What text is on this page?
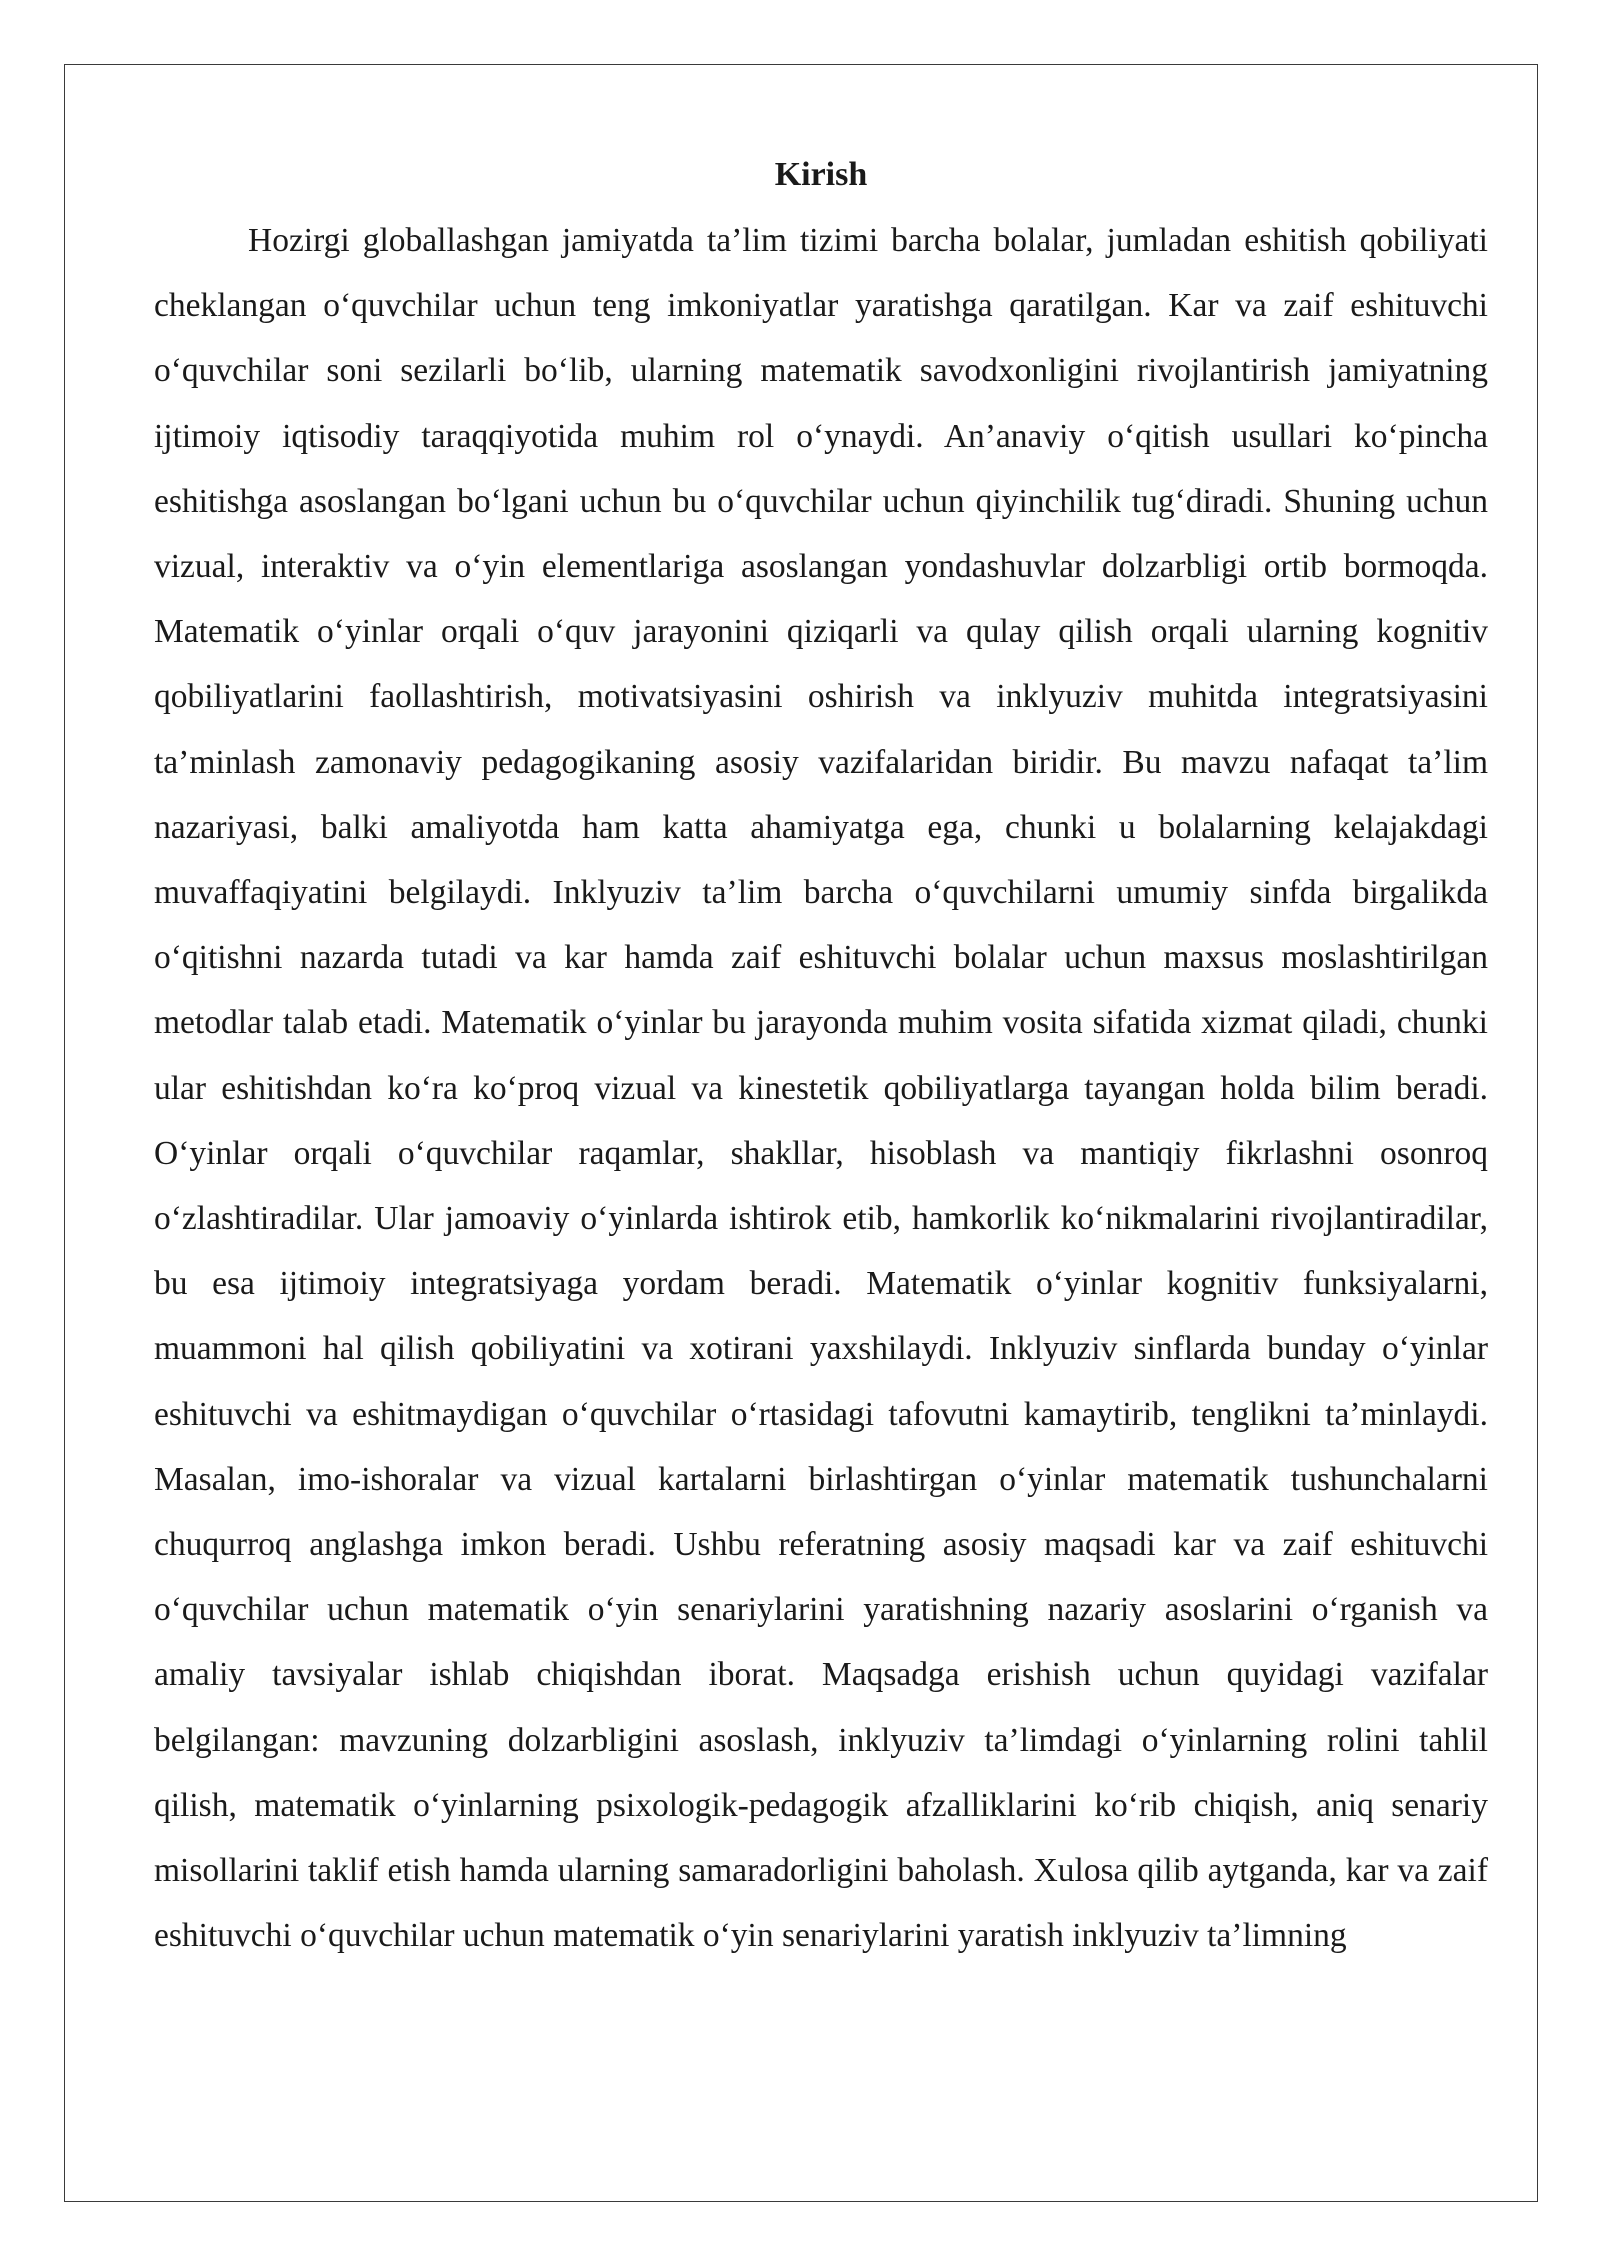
Kirish

Hozirgi globallashgan jamiyatda ta’lim tizimi barcha bolalar, jumladan eshitish qobiliyati cheklangan o‘quvchilar uchun teng imkoniyatlar yaratishga qaratilgan. Kar va zaif eshituvchi o‘quvchilar soni sezilarli bo‘lib, ularning matematik savodxonligini rivojlantirish jamiyatning ijtimoiy iqtisodiy taraqqiyotida muhim rol o‘ynaydi. An’anaviy o‘qitish usullari ko‘pincha eshitishga asoslangan bo‘lgani uchun bu o‘quvchilar uchun qiyinchilik tug‘diradi. Shuning uchun vizual, interaktiv va o‘yin elementlariga asoslangan yondashuvlar dolzarbligi ortib bormoqda. Matematik o‘yinlar orqali o‘quv jarayonini qiziqarli va qulay qilish orqali ularning kognitiv qobiliyatlarini faollashtirish, motivatsiyasini oshirish va inklyuziv muhitda integratsiyasini ta’minlash zamonaviy pedagogikaning asosiy vazifalaridan biridir. Bu mavzu nafaqat ta’lim nazariyasi, balki amaliyotda ham katta ahamiyatga ega, chunki u bolalarning kelajakdagi muvaffaqiyatini belgilaydi. Inklyuziv ta’lim barcha o‘quvchilarni umumiy sinfda birgalikda o‘qitishni nazarda tutadi va kar hamda zaif eshituvchi bolalar uchun maxsus moslashtirilgan metodlar talab etadi. Matematik o‘yinlar bu jarayonda muhim vosita sifatida xizmat qiladi, chunki ular eshitishdan ko‘ra ko‘proq vizual va kinestetik qobiliyatlarga tayangan holda bilim beradi. O‘yinlar orqali o‘quvchilar raqamlar, shakllar, hisoblash va mantiqiy fikrlashni osonroq o‘zlashtiradilar. Ular jamoaviy o‘yinlarda ishtirok etib, hamkorlik ko‘nikmalarini rivojlantiradilar, bu esa ijtimoiy integratsiyaga yordam beradi. Matematik o‘yinlar kognitiv funksiyalarni, muammoni hal qilish qobiliyatini va xotirani yaxshilaydi. Inklyuziv sinflarda bunday o‘yinlar eshituvchi va eshitmaydigan o‘quvchilar o‘rtasidagi tafovutni kamaytirib, tenglikni ta’minlaydi. Masalan, imo-ishoralar va vizual kartalarni birlashtirgan o‘yinlar matematik tushunchalarni chuqurroq anglashga imkon beradi. Ushbu referatning asosiy maqsadi kar va zaif eshituvchi o‘quvchilar uchun matematik o‘yin senariylarini yaratishning nazariy asoslarini o‘rganish va amaliy tavsiyalar ishlab chiqishdan iborat. Maqsadga erishish uchun quyidagi vazifalar belgilangan: mavzuning dolzarbligini asoslash, inklyuziv ta’limdagi o‘yinlarning rolini tahlil qilish, matematik o‘yinlarning psixologik-pedagogik afzalliklarini ko‘rib chiqish, aniq senariy misollarini taklif etish hamda ularning samaradorligini baholash. Xulosa qilib aytganda, kar va zaif eshituvchi o‘quvchilar uchun matematik o‘yin senariylarini yaratish inklyuziv ta’limning
